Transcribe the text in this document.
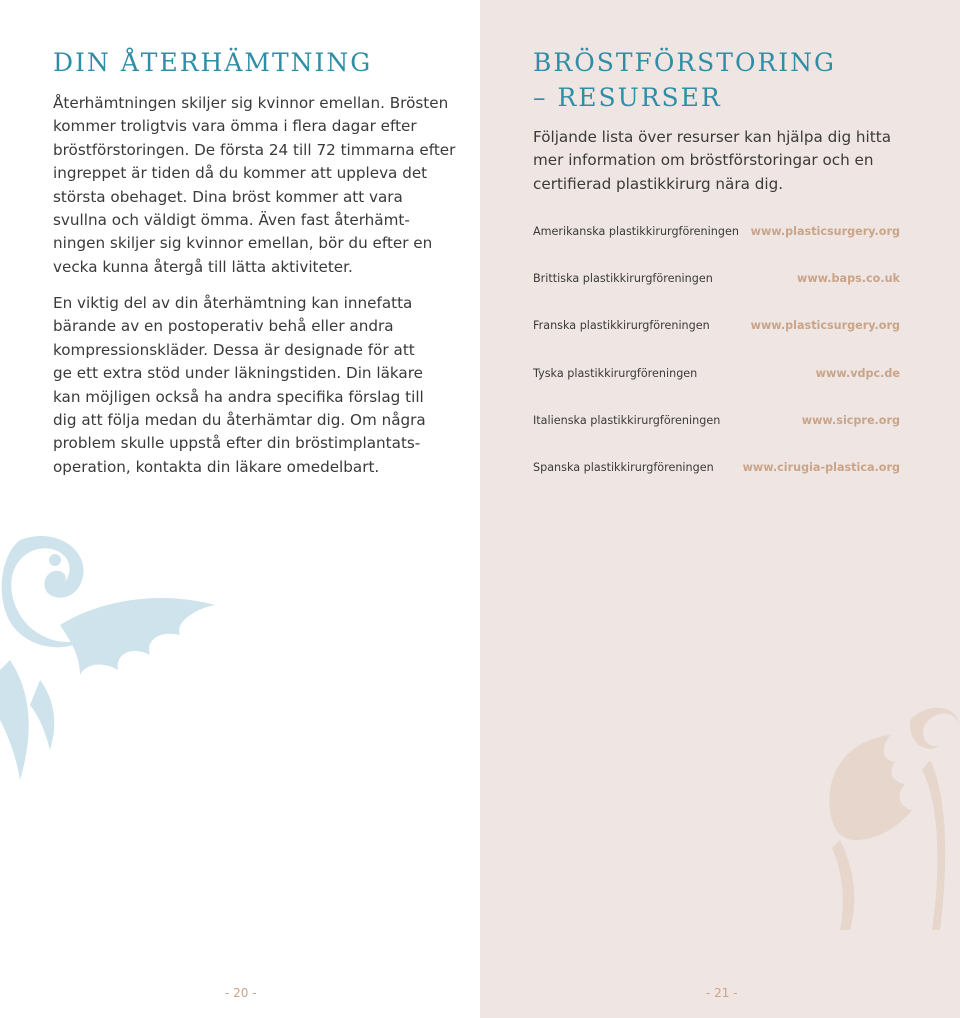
DIN ÅTERHÄMTNING

Återhämtningen skiljer sig kvinnor emellan. Brösten
kommer troligtvis vara ömma i flera dagar efter
bröstförstoringen. De första 24 till 72 timmarna efter
ingreppet är tiden då du kommer att uppleva det
största obehaget. Dina bröst kommer att vara
svullna och väldigt ömma. Även fast återhämt-
ningen skiljer sig kvinnor emellan, bör du efter en
vecka kunna återgå till lätta aktiviteter.

En viktig del av din återhämtning kan innefatta
bärande av en postoperativ behå eller andra
kompressionskläder. Dessa är designade för att
ge ett extra stöd under läkningstiden. Din läkare
kan möjligen också ha andra specifika förslag till
dig att följa medan du återhämtar dig. Om några
problem skulle uppstå efter din bröstimplantats-
operation, kontakta din läkare omedelbart.

- 20 -
BRÖSTFÖRSTORING
– RESURSER

Följande lista över resurser kan hjälpa dig hitta
mer information om bröstförstoringar och en
certifierad plastikkirurg nära dig.

Amerikanska plastikkirurgföreningen www.plasticsurgery.org
Brittiska plastikkirurgföreningen	www.baps.co.uk
Franska plastikkirurgföreningen	www.plasticsurgery.org
Tyska plastikkirurgföreningen	www.vdpc.de
Italienska plastikkirurgföreningen	www.sicpre.org
Spanska plastikkirurgföreningen	www.cirugia-plastica.org
- 21 -
